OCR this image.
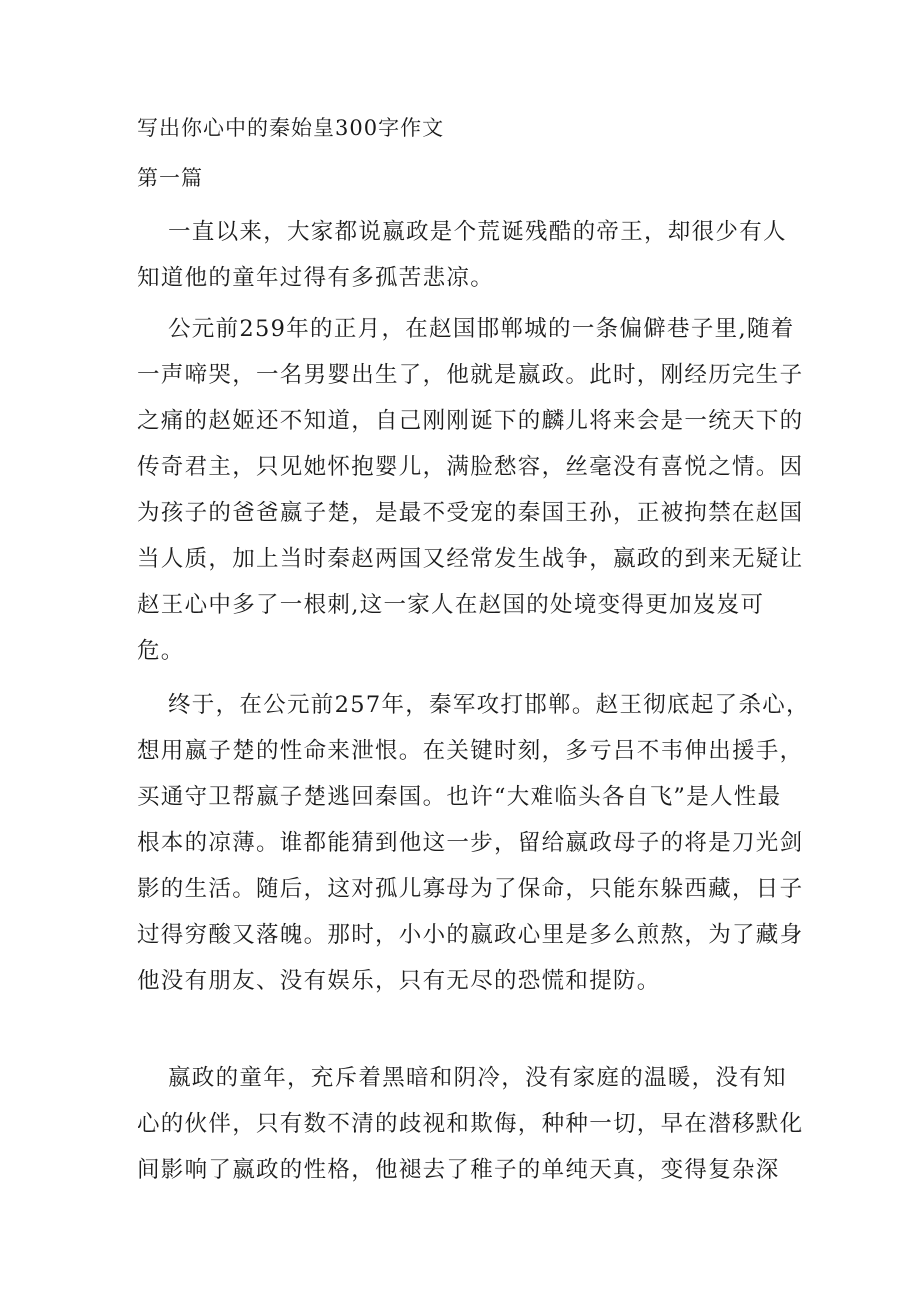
写出你心中的秦始皇300字作文
第一篇

一直以来，大家都说嬴政是个荒诞残酷的帝王，却很少有人
知道他的童年过得有多孤苦悲凉。

公元前259年的正月，在赵国邯郸城的一条偏僻巷子里,随着
一声啼哭，一名男婴出生了，他就是嬴政。此时，刚经历完生子
之痛的赵姬还不知道，自己刚刚诞下的麟儿将来会是一统天下的
传奇君主，只见她怀抱婴儿，满脸愁容，丝毫没有喜悦之情。因
为孩子的爸爸嬴子楚，是最不受宠的秦国王孙，正被拘禁在赵国
当人质，加上当时秦赵两国又经常发生战争，嬴政的到来无疑让
赵王心中多了一根刺,这一家人在赵国的处境变得更加岌岌可
危。

终于，在公元前257年，秦军攻打邯郸。赵王彻底起了杀心，
想用嬴子楚的性命来泄恨。在关键时刻，多亏吕不韦伸出援手，
买通守卫帮嬴子楚逃回秦国。也许“大难临头各自飞”是人性最
根本的凉薄。谁都能猜到他这一步，留给嬴政母子的将是刀光剑
影的生活。随后，这对孤儿寡母为了保命，只能东躲西藏，日子
过得穷酸又落魄。那时，小小的嬴政心里是多么煎熬，为了藏身
他没有朋友、没有娱乐，只有无尽的恐慌和提防。

嬴政的童年，充斥着黑暗和阴冷，没有家庭的温暖，没有知
心的伙伴，只有数不清的歧视和欺侮，种种一切，早在潜移默化
间影响了嬴政的性格，他褪去了稚子的单纯天真，变得复杂深
